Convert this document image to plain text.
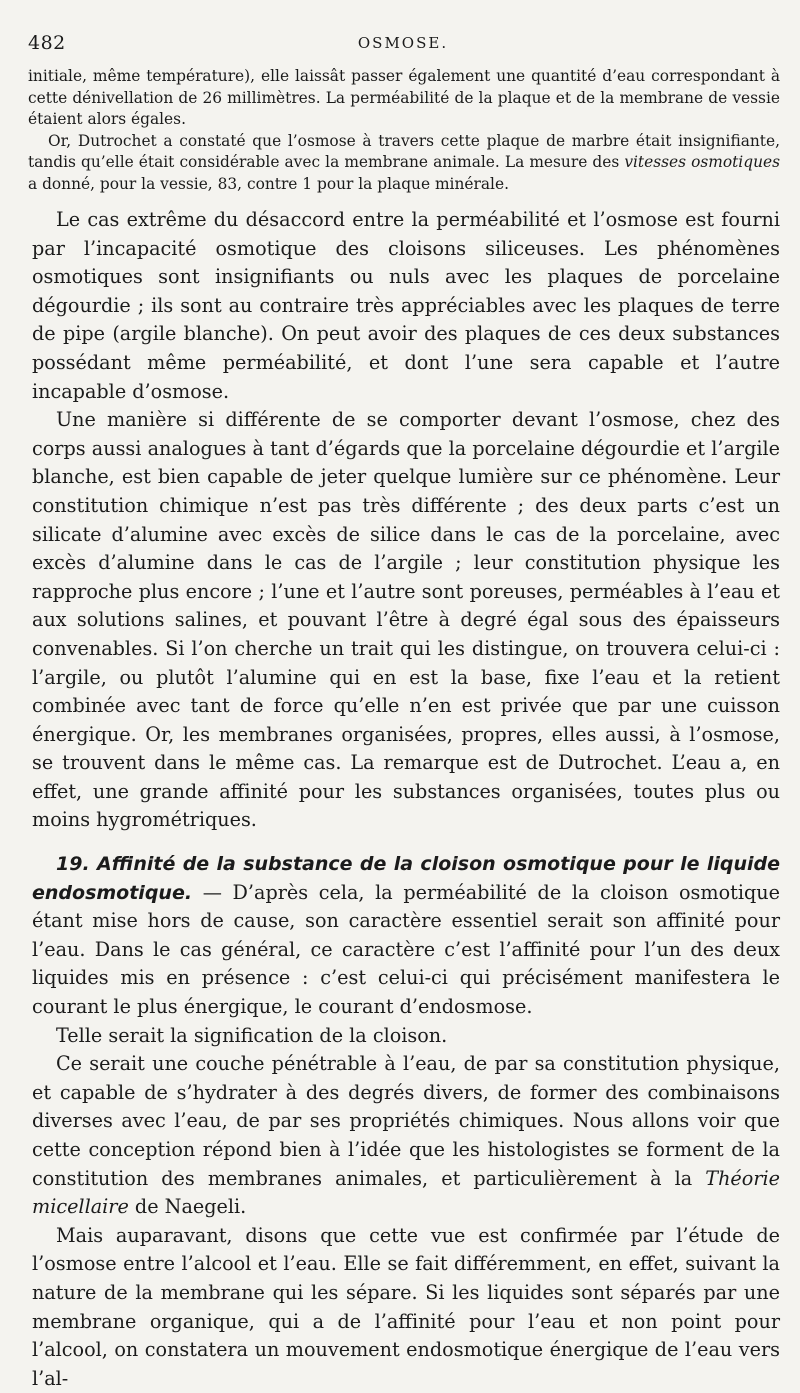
482	OSMOSE.

initiale, même température), elle laissât passer également une quantité d’eau correspondant à cette dénivellation de 26 millimètres. La perméabilité de la plaque et de la membrane de vessie étaient alors égales.

Or, Dutrochet a constaté que l’osmose à travers cette plaque de marbre était insignifiante, tandis qu’elle était considérable avec la membrane animale. La mesure des vitesses osmotiques a donné, pour la vessie, 83, contre 1 pour la plaque minérale.

Le cas extrême du désaccord entre la perméabilité et l’osmose est fourni par l’incapacité osmotique des cloisons siliceuses. Les phénomènes osmotiques sont insignifiants ou nuls avec les plaques de porcelaine dégourdie ; ils sont au contraire très appréciables avec les plaques de terre de pipe (argile blanche). On peut avoir des plaques de ces deux substances possédant même perméabilité, et dont l’une sera capable et l’autre incapable d’osmose.

Une manière si différente de se comporter devant l’osmose, chez des corps aussi analogues à tant d’égards que la porcelaine dégourdie et l’argile blanche, est bien capable de jeter quelque lumière sur ce phénomène. Leur constitution chimique n’est pas très différente ; des deux parts c’est un silicate d’alumine avec excès de silice dans le cas de la porcelaine, avec excès d’alumine dans le cas de l’argile ; leur constitution physique les rapproche plus encore ; l’une et l’autre sont poreuses, perméables à l’eau et aux solutions salines, et pouvant l’être à degré égal sous des épaisseurs convenables. Si l’on cherche un trait qui les distingue, on trouvera celui-ci : l’argile, ou plutôt l’alumine qui en est la base, fixe l’eau et la retient combinée avec tant de force qu’elle n’en est privée que par une cuisson énergique. Or, les membranes organisées, propres, elles aussi, à l’osmose, se trouvent dans le même cas. La remarque est de Dutrochet. L’eau a, en effet, une grande affinité pour les substances organisées, toutes plus ou moins hygrométriques.

19. Affinité de la substance de la cloison osmotique pour le liquide endosmotique. — D’après cela, la perméabilité de la cloison osmotique étant mise hors de cause, son caractère essentiel serait son affinité pour l’eau. Dans le cas général, ce caractère c’est l’affinité pour l’un des deux liquides mis en présence : c’est celui-ci qui précisément manifestera le courant le plus énergique, le courant d’endosmose.

Telle serait la signification de la cloison.

Ce serait une couche pénétrable à l’eau, de par sa constitution physique, et capable de s’hydrater à des degrés divers, de former des combinaisons diverses avec l’eau, de par ses propriétés chimiques. Nous allons voir que cette conception répond bien à l’idée que les histologistes se forment de la constitution des membranes animales, et particulièrement à la Théorie micellaire de Naegeli.

Mais auparavant, disons que cette vue est confirmée par l’étude de l’osmose entre l’alcool et l’eau. Elle se fait différemment, en effet, suivant la nature de la membrane qui les sépare. Si les liquides sont séparés par une membrane organique, qui a de l’affinité pour l’eau et non point pour l’alcool, on constatera un mouvement endosmotique énergique de l’eau vers l’al-
